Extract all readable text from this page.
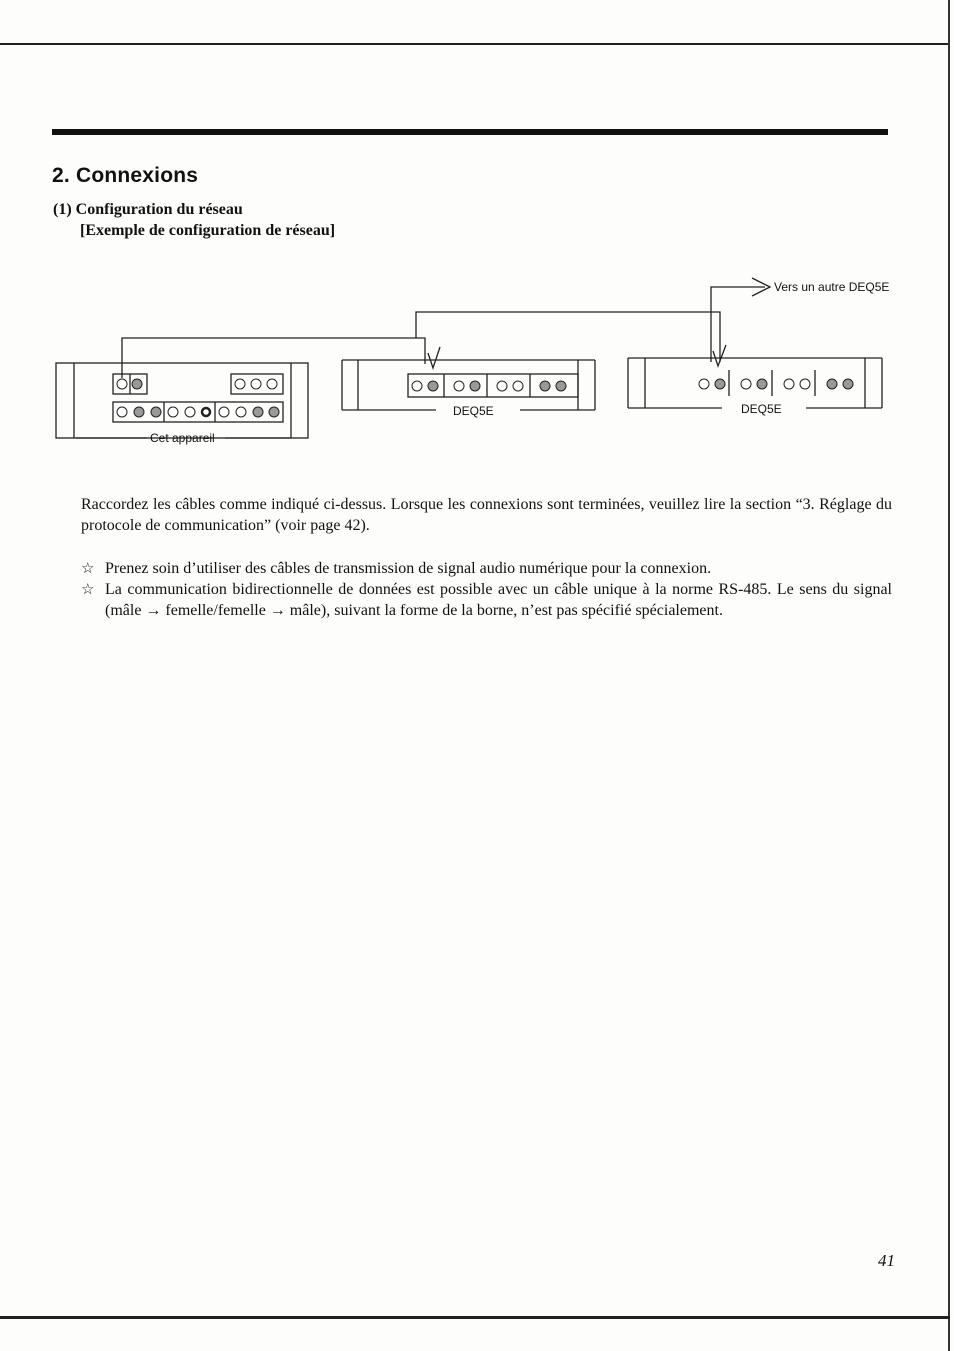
2. Connexions
(1) Configuration du réseau
[Exemple de configuration de réseau]
Vers un autre DEQ5E
Cet appareil
DEQ5E	DEQ5E

Raccordez les câbles comme indiqué ci-dessus. Lorsque les connexions sont terminées, veuillez lire la section “3. Réglage du protocole de communication” (voir page 42).

☆ Prenez soin d’utiliser des câbles de transmission de signal audio numérique pour la connexion.
☆ La communication bidirectionnelle de données est possible avec un câble unique à la norme RS-485. Le sens du signal (mâle → femelle/femelle → mâle), suivant la forme de la borne, n’est pas spécifié spécialement.
41
